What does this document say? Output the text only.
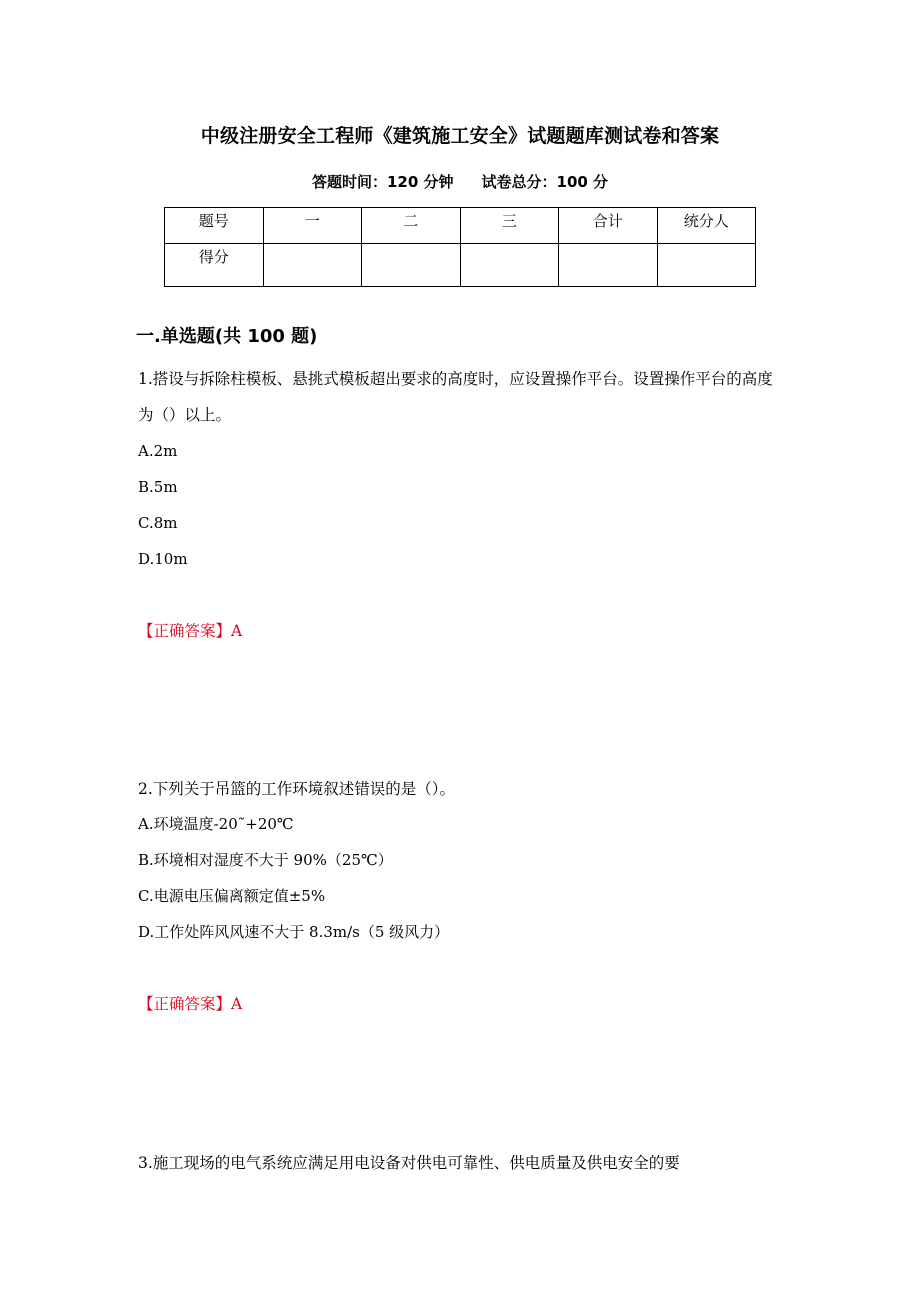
中级注册安全工程师《建筑施工安全》试题题库测试卷和答案
答题时间：120 分钟 试卷总分：100 分
题号	一	二	三	合计	统分人
得分					
一.单选题(共 100 题)
1.搭设与拆除柱模板、悬挑式模板超出要求的高度时，应设置操作平台。设置操作平台的高度为（）以上。
A.2m
B.5m
C.8m
D.10m
【正确答案】A
2.下列关于吊篮的工作环境叙述错误的是（）。
A.环境温度-20˜+20℃
B.环境相对湿度不大于 90%（25℃）
C.电源电压偏离额定值±5%
D.工作处阵风风速不大于 8.3m/s（5 级风力）
【正确答案】A
3.施工现场的电气系统应满足用电设备对供电可靠性、供电质量及供电安全的要
